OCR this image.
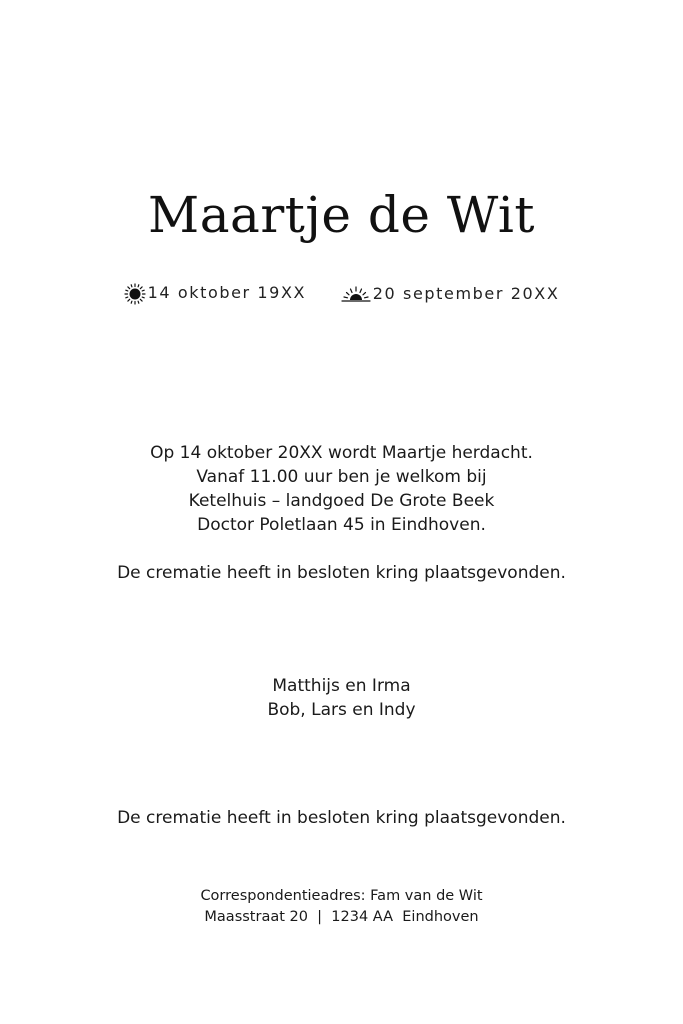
Maartje de Wit
14 oktober 19XX	20 september 20XX

Op 14 oktober 20XX wordt Maartje herdacht.

Vanaf 11.00 uur ben je welkom bij

Ketelhuis – landgoed De Grote Beek

Doctor Poletlaan 45 in Eindhoven.

De crematie heeft in besloten kring plaatsgevonden.

Matthijs en Irma

Bob, Lars en Indy

De crematie heeft in besloten kring plaatsgevonden.

Correspondentieadres: Fam van de Wit

Maasstraat 20  |  1234 AA  Eindhoven
